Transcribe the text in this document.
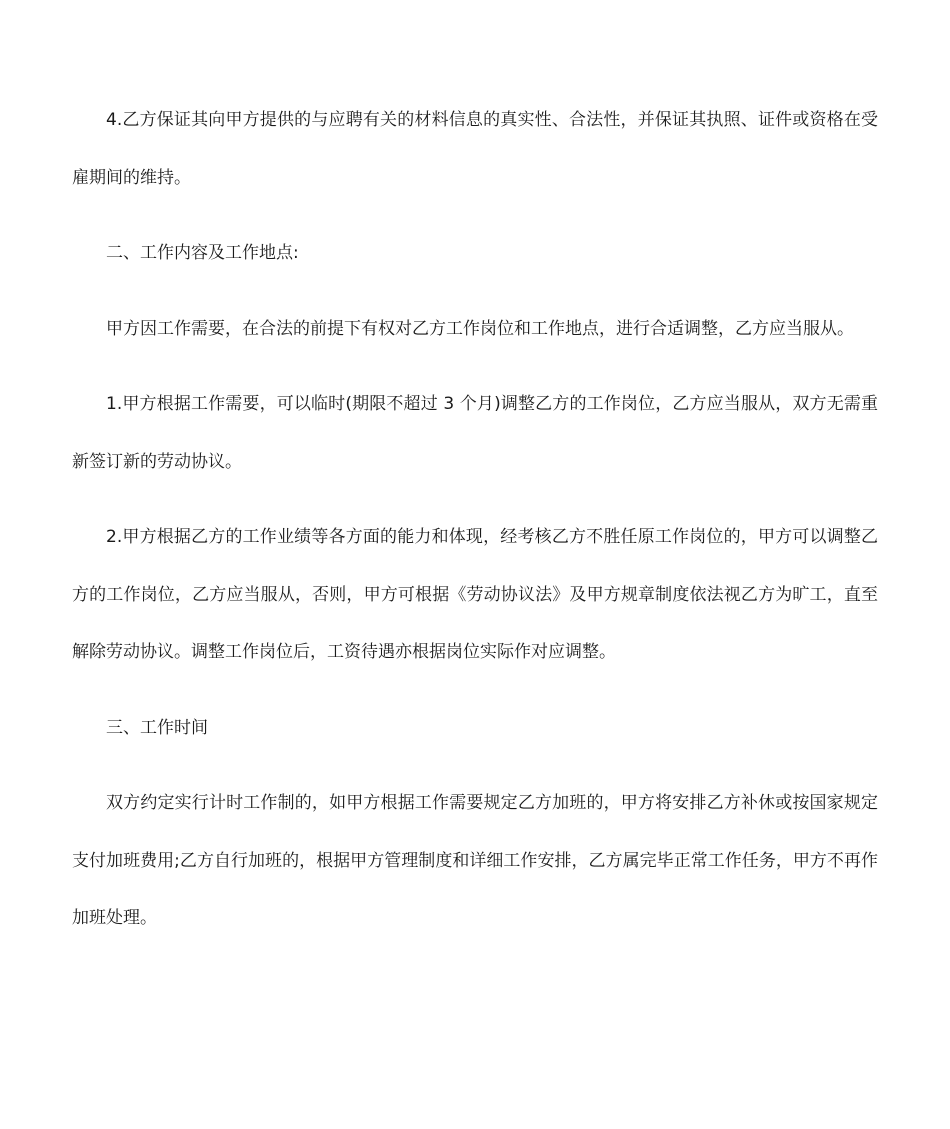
4.乙方保证其向甲方提供的与应聘有关的材料信息的真实性、合法性，并保证其执照、证件或资格在受雇期间的维持。

二、工作内容及工作地点:

甲方因工作需要，在合法的前提下有权对乙方工作岗位和工作地点，进行合适调整，乙方应当服从。

1.甲方根据工作需要，可以临时(期限不超过 3 个月)调整乙方的工作岗位，乙方应当服从，双方无需重新签订新的劳动协议。

2.甲方根据乙方的工作业绩等各方面的能力和体现，经考核乙方不胜任原工作岗位的，甲方可以调整乙方的工作岗位，乙方应当服从，否则，甲方可根据《劳动协议法》及甲方规章制度依法视乙方为旷工，直至解除劳动协议。调整工作岗位后，工资待遇亦根据岗位实际作对应调整。

三、工作时间

双方约定实行计时工作制的，如甲方根据工作需要规定乙方加班的，甲方将安排乙方补休或按国家规定支付加班费用;乙方自行加班的，根据甲方管理制度和详细工作安排，乙方属完毕正常工作任务，甲方不再作加班处理。
